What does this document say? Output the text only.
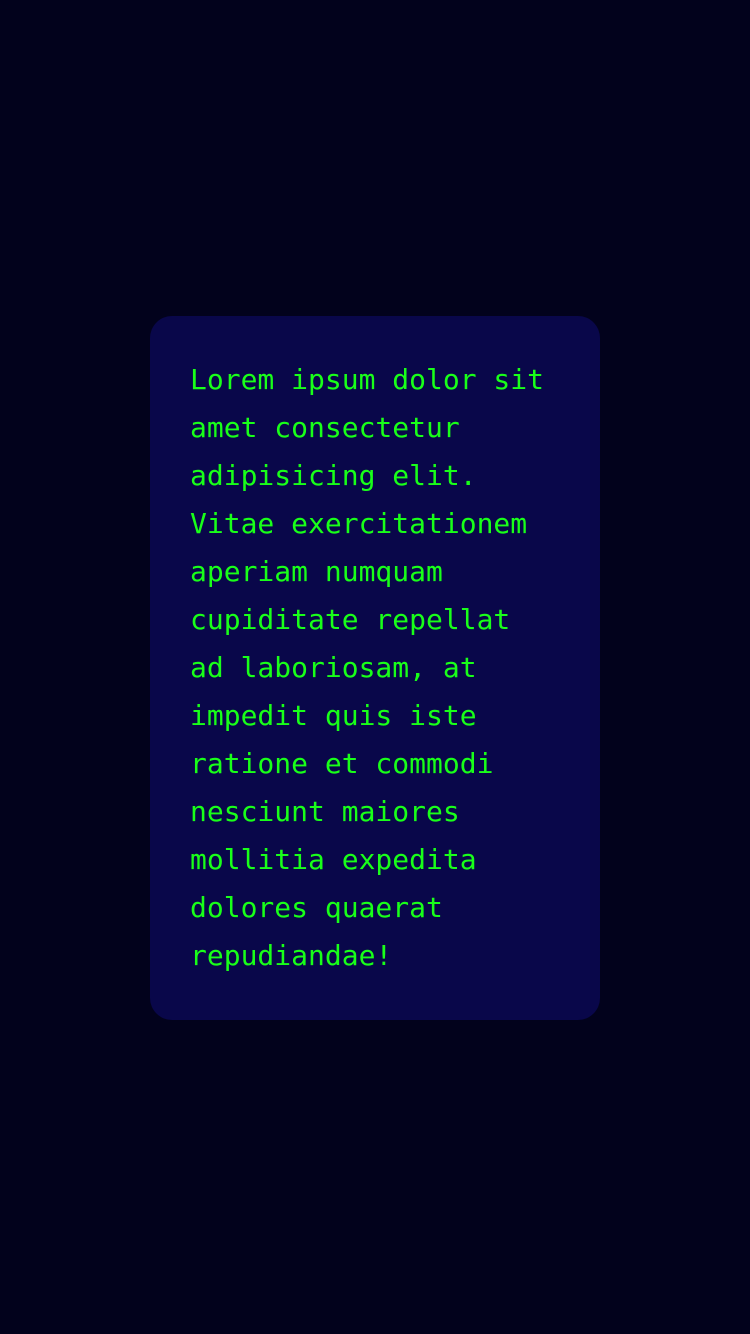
Lorem ipsum dolor sit
amet consectetur
adipisicing elit.
Vitae exercitationem
aperiam numquam
cupiditate repellat
ad laboriosam, at
impedit quis iste
ratione et commodi
nesciunt maiores
mollitia expedita
dolores quaerat
repudiandae!
